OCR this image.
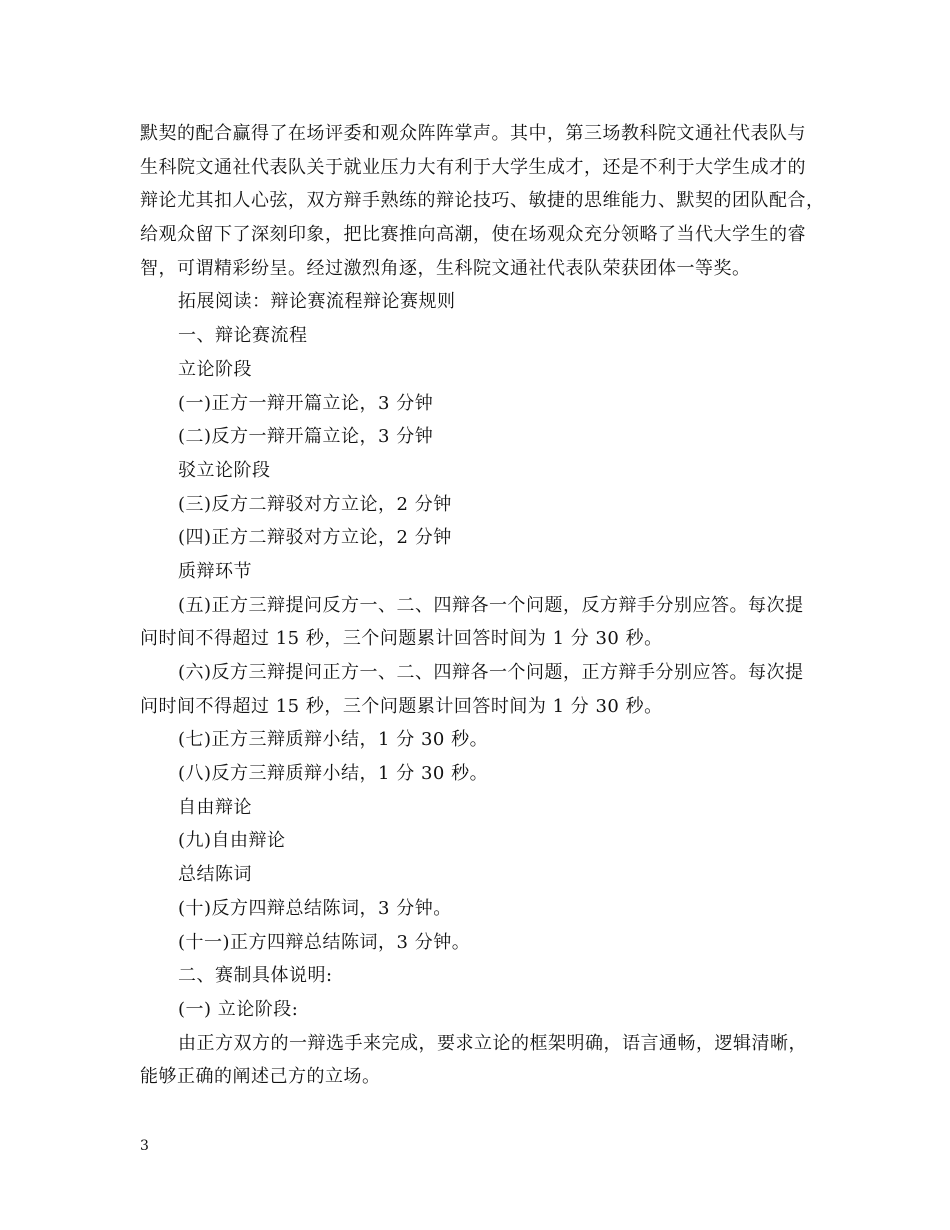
默契的配合赢得了在场评委和观众阵阵掌声。其中，第三场教科院文通社代表队与
生科院文通社代表队关于就业压力大有利于大学生成才，还是不利于大学生成才的
辩论尤其扣人心弦，双方辩手熟练的辩论技巧、敏捷的思维能力、默契的团队配合，
给观众留下了深刻印象，把比赛推向高潮，使在场观众充分领略了当代大学生的睿
智，可谓精彩纷呈。经过激烈角逐，生科院文通社代表队荣获团体一等奖。
拓展阅读：辩论赛流程辩论赛规则
一、辩论赛流程
立论阶段
(一)正方一辩开篇立论，3 分钟
(二)反方一辩开篇立论，3 分钟
驳立论阶段
(三)反方二辩驳对方立论，2 分钟
(四)正方二辩驳对方立论，2 分钟
质辩环节
(五)正方三辩提问反方一、二、四辩各一个问题，反方辩手分别应答。每次提
问时间不得超过 15 秒，三个问题累计回答时间为 1 分 30 秒。
(六)反方三辩提问正方一、二、四辩各一个问题，正方辩手分别应答。每次提
问时间不得超过 15 秒，三个问题累计回答时间为 1 分 30 秒。
(七)正方三辩质辩小结，1 分 30 秒。
(八)反方三辩质辩小结，1 分 30 秒。
自由辩论
(九)自由辩论
总结陈词
(十)反方四辩总结陈词，3 分钟。
(十一)正方四辩总结陈词，3 分钟。
二、赛制具体说明:
(一) 立论阶段:
由正方双方的一辩选手来完成，要求立论的框架明确，语言通畅，逻辑清晰，
能够正确的阐述己方的立场。
3
